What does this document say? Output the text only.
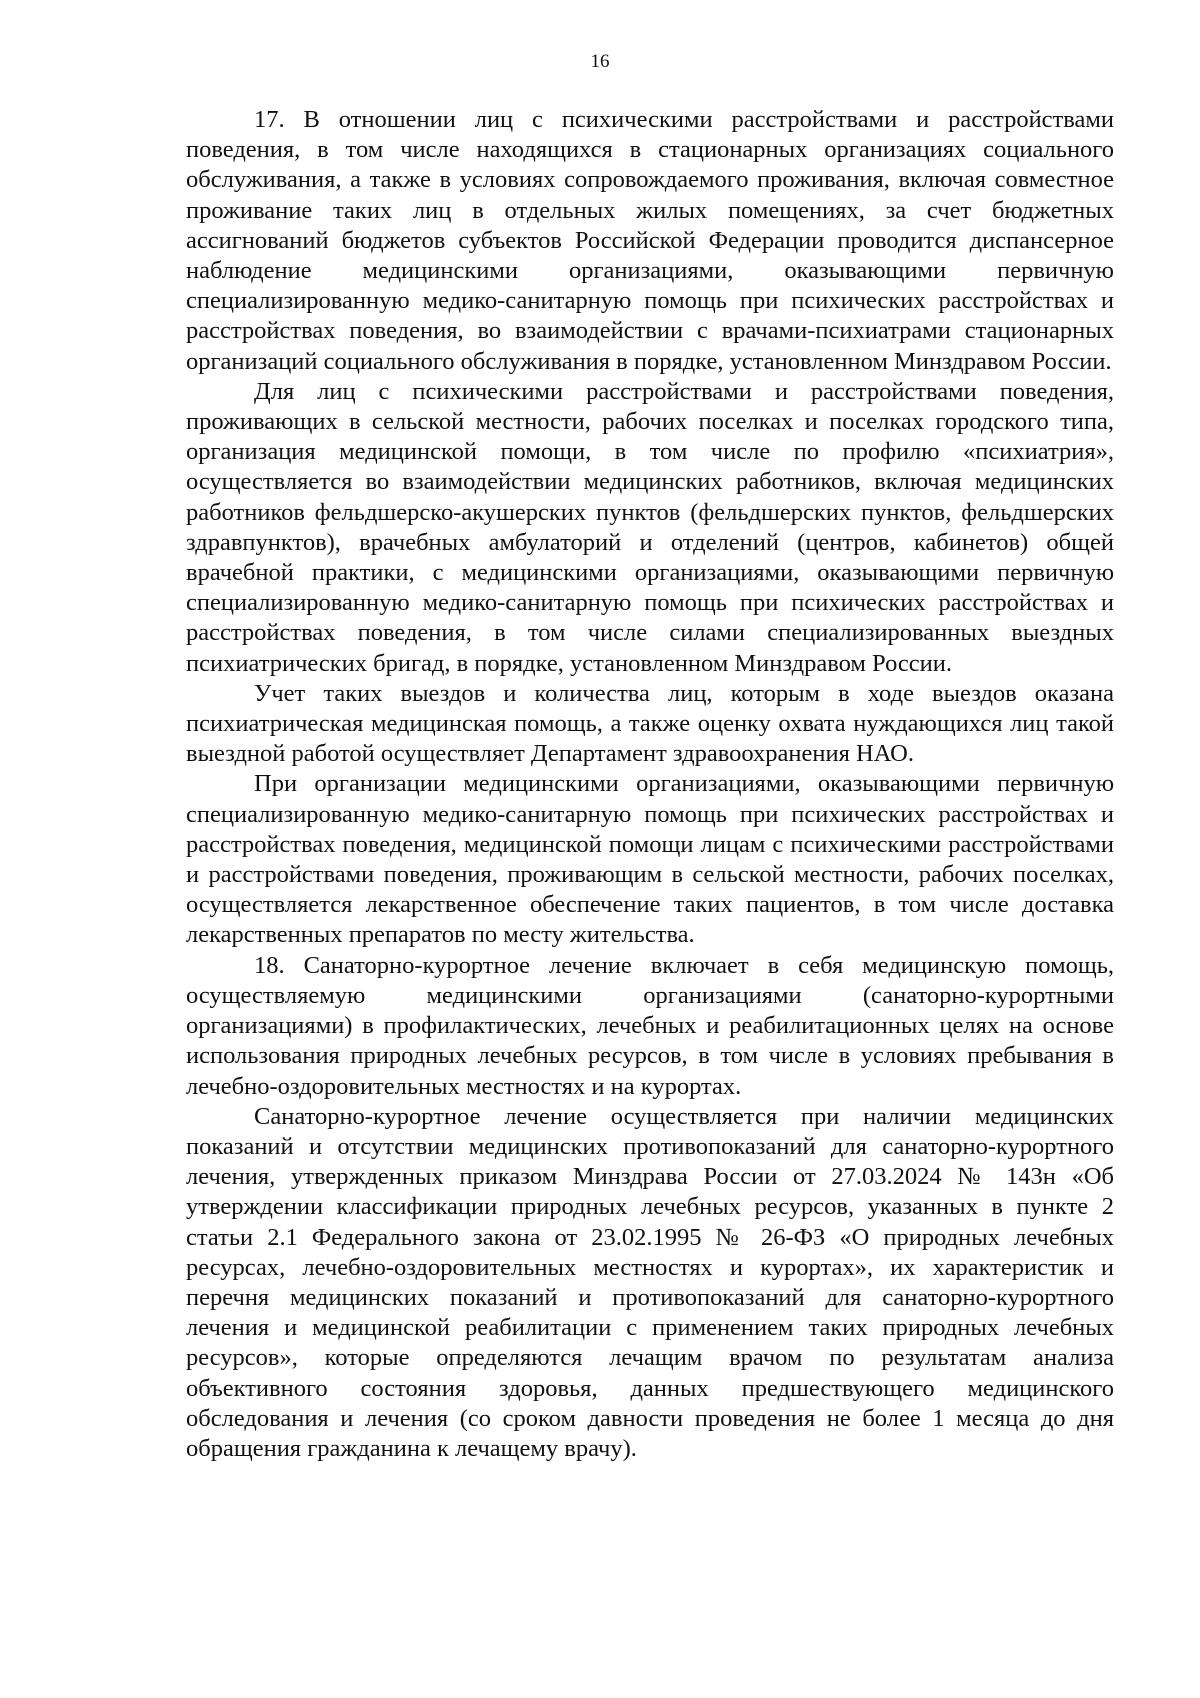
16

17. В отношении лиц с психическими расстройствами и расстройствами поведения, в том числе находящихся в стационарных организациях социального обслуживания, а также в условиях сопровождаемого проживания, включая совместное проживание таких лиц в отдельных жилых помещениях, за счет бюджетных ассигнований бюджетов субъектов Российской Федерации проводится диспансерное наблюдение медицинскими организациями, оказывающими первичную специализированную медико-санитарную помощь при психических расстройствах и расстройствах поведения, во взаимодействии с врачами-психиатрами стационарных организаций социального обслуживания в порядке, установленном Минздравом России.

Для лиц с психическими расстройствами и расстройствами поведения, проживающих в сельской местности, рабочих поселках и поселках городского типа, организация медицинской помощи, в том числе по профилю «психиатрия», осуществляется во взаимодействии медицинских работников, включая медицинских работников фельдшерско-акушерских пунктов (фельдшерских пунктов, фельдшерских здравпунктов), врачебных амбулаторий и отделений (центров, кабинетов) общей врачебной практики, с медицинскими организациями, оказывающими первичную специализированную медико-санитарную помощь при психических расстройствах и расстройствах поведения, в том числе силами специализированных выездных психиатрических бригад, в порядке, установленном Минздравом России.

Учет таких выездов и количества лиц, которым в ходе выездов оказана психиатрическая медицинская помощь, а также оценку охвата нуждающихся лиц такой выездной работой осуществляет Департамент здравоохранения НАО.

При организации медицинскими организациями, оказывающими первичную специализированную медико-санитарную помощь при психических расстройствах и расстройствах поведения, медицинской помощи лицам с психическими расстройствами и расстройствами поведения, проживающим в сельской местности, рабочих поселках, осуществляется лекарственное обеспечение таких пациентов, в том числе доставка лекарственных препаратов по месту жительства.

18. Санаторно-курортное лечение включает в себя медицинскую помощь, осуществляемую медицинскими организациями (санаторно-курортными организациями) в профилактических, лечебных и реабилитационных целях на основе использования природных лечебных ресурсов, в том числе в условиях пребывания в лечебно-оздоровительных местностях и на курортах.

Санаторно-курортное лечение осуществляется при наличии медицинских показаний и отсутствии медицинских противопоказаний для санаторно-курортного лечения, утвержденных приказом Минздрава России от 27.03.2024 № 143н «Об утверждении классификации природных лечебных ресурсов, указанных в пункте 2 статьи 2.1 Федерального закона от 23.02.1995 № 26-ФЗ «О природных лечебных ресурсах, лечебно-оздоровительных местностях и курортах», их характеристик и перечня медицинских показаний и противопоказаний для санаторно-курортного лечения и медицинской реабилитации с применением таких природных лечебных ресурсов», которые определяются лечащим врачом по результатам анализа объективного состояния здоровья, данных предшествующего медицинского обследования и лечения (со сроком давности проведения не более 1 месяца до дня обращения гражданина к лечащему врачу).
